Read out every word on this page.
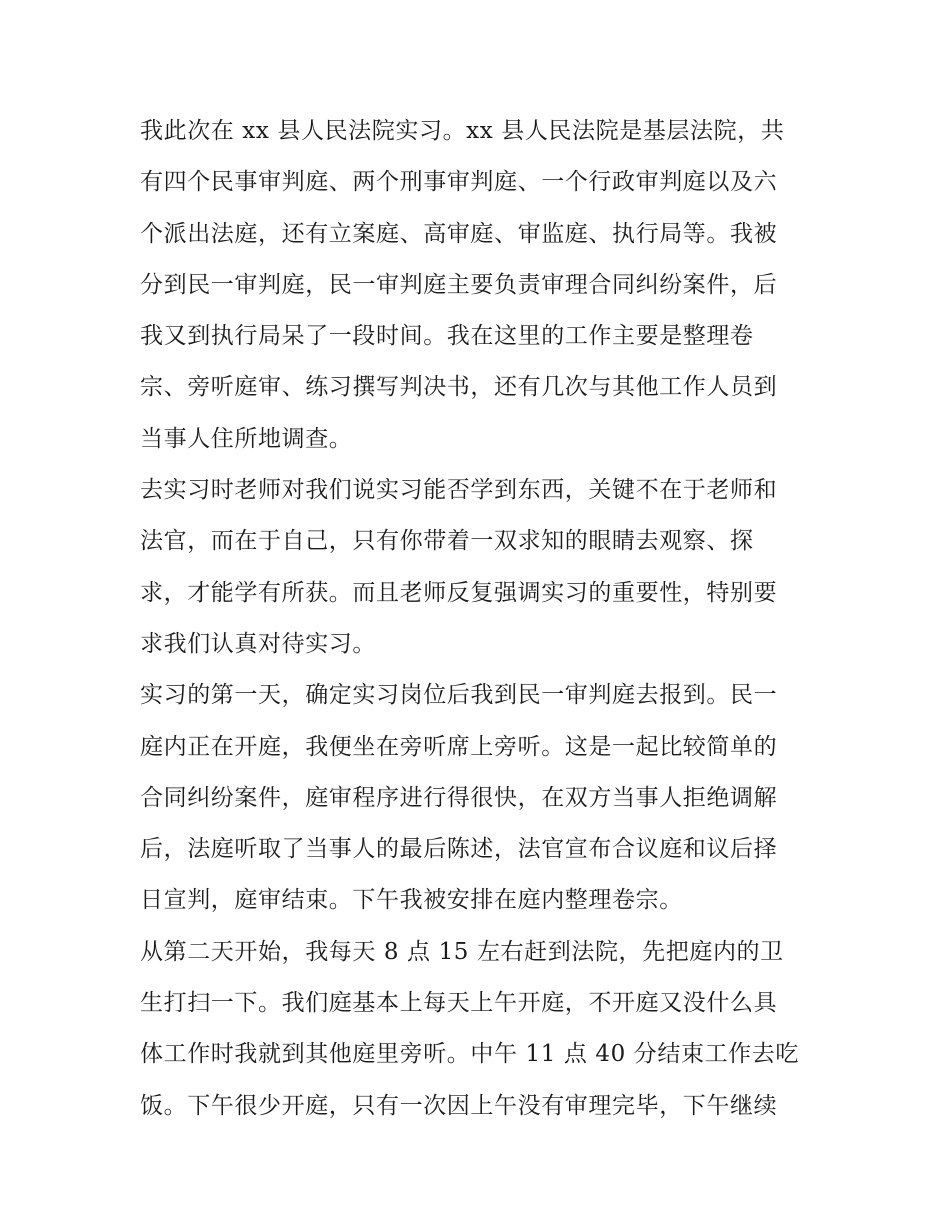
我此次在 xx 县人民法院实习。xx 县人民法院是基层法院，共
有四个民事审判庭、两个刑事审判庭、一个行政审判庭以及六
个派出法庭，还有立案庭、高审庭、审监庭、执行局等。我被
分到民一审判庭，民一审判庭主要负责审理合同纠纷案件，后
我又到执行局呆了一段时间。我在这里的工作主要是整理卷
宗、旁听庭审、练习撰写判决书，还有几次与其他工作人员到
当事人住所地调查。
去实习时老师对我们说实习能否学到东西，关键不在于老师和
法官，而在于自己，只有你带着一双求知的眼睛去观察、探
求，才能学有所获。而且老师反复强调实习的重要性，特别要
求我们认真对待实习。
实习的第一天，确定实习岗位后我到民一审判庭去报到。民一
庭内正在开庭，我便坐在旁听席上旁听。这是一起比较简单的
合同纠纷案件，庭审程序进行得很快，在双方当事人拒绝调解
后，法庭听取了当事人的最后陈述，法官宣布合议庭和议后择
日宣判，庭审结束。下午我被安排在庭内整理卷宗。
从第二天开始，我每天 8 点 15 左右赶到法院，先把庭内的卫
生打扫一下。我们庭基本上每天上午开庭，不开庭又没什么具
体工作时我就到其他庭里旁听。中午 11 点 40 分结束工作去吃
饭。下午很少开庭，只有一次因上午没有审理完毕，下午继续
